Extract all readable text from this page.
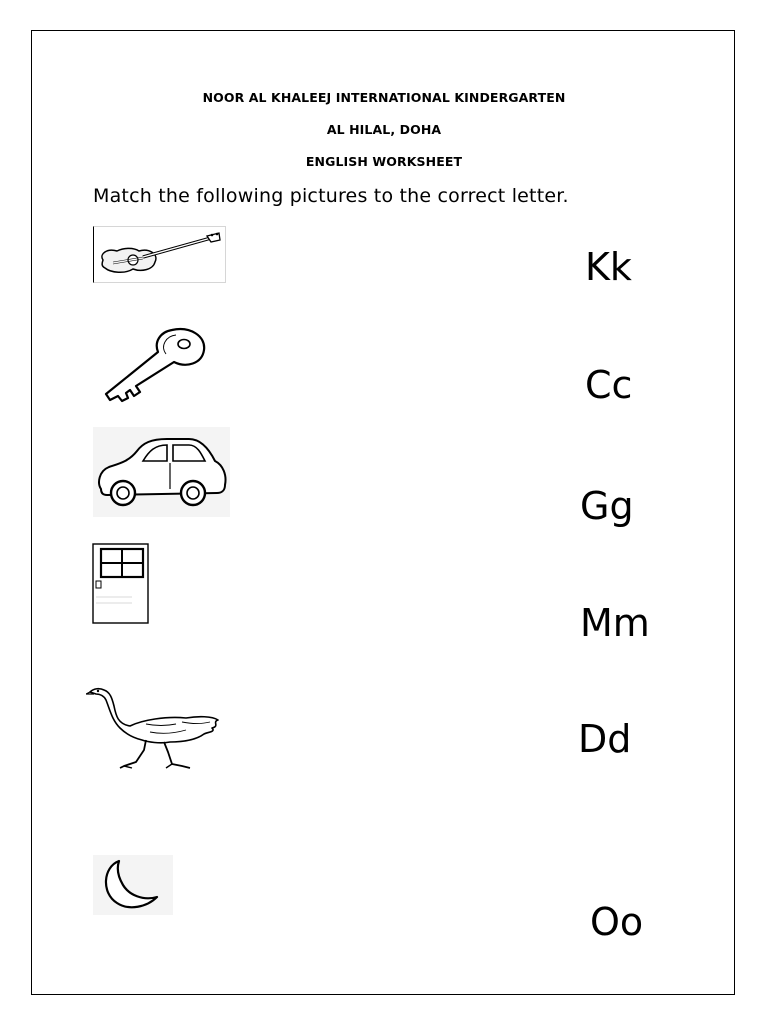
NOOR AL KHALEEJ INTERNATIONAL KINDERGARTEN
AL HILAL, DOHA
ENGLISH WORKSHEET
Match the following pictures to the correct letter.
Kk
Cc
Gg
Mm
Dd
Oo
